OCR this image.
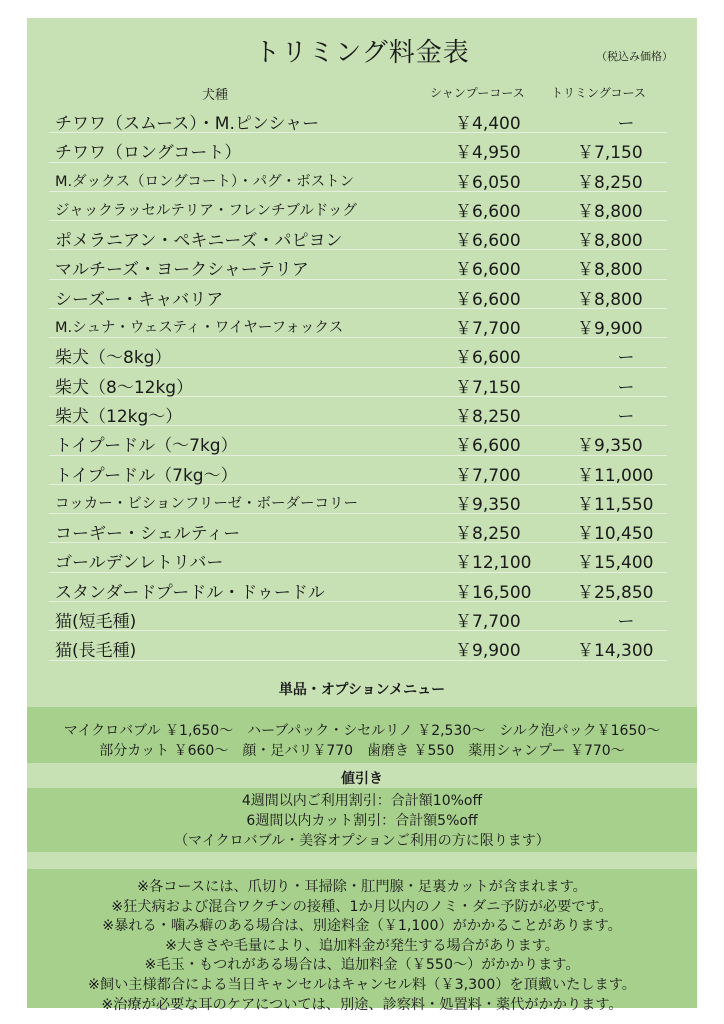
トリミング料金表	（税込み価格）
犬種	シャンプーコース トリミングコース
チワワ（スムース）・M.ピンシャー	￥4,400	ー
チワワ（ロングコート）	￥4,950	￥7,150
M.ダックス（ロングコート）・パグ・ボストン	￥6,050	￥8,250
ジャックラッセルテリア・フレンチブルドッグ	￥6,600	￥8,800
ポメラニアン・ペキニーズ・パピヨン	￥6,600	￥8,800
マルチーズ・ヨークシャーテリア	￥6,600	￥8,800
シーズー・キャバリア	￥6,600	￥8,800
M.シュナ・ウェスティ・ワイヤーフォックス	￥7,700	￥9,900
柴犬（～8kg）	￥6,600	ー
柴犬（8～12kg）	￥7,150	ー
柴犬（12kg～）	￥8,250	ー
トイプードル（～7kg）	￥6,600	￥9,350
トイプードル（7kg～）	￥7,700	￥11,000
コッカー・ビションフリーゼ・ボーダーコリー	￥9,350	￥11,550
コーギー・シェルティー	￥8,250	￥10,450
ゴールデンレトリバー	￥12,100	￥15,400
スタンダードプードル・ドゥードル	￥16,500	￥25,850
猫(短毛種)	￥7,700	ー
猫(長毛種)	￥9,900	￥14,300
単品・オプションメニュー
マイクロバブル ￥1,650～　ハーブパック・シセルリノ ￥2,530～　シルク泡パック￥1650～
部分カット ￥660～　顔・足バリ￥770　歯磨き ￥550　薬用シャンプー ￥770～
値引き
4週間以内ご利用割引：合計額10%off
6週間以内カット割引：合計額5%off
（マイクロバブル・美容オプションご利用の方に限ります）
※各コースには、爪切り・耳掃除・肛門腺・足裏カットが含まれます。
※狂犬病および混合ワクチンの接種、1か月以内のノミ・ダニ予防が必要です。
※暴れる・噛み癖のある場合は、別途料金（￥1,100）がかかることがあります。
※大きさや毛量により、追加料金が発生する場合があります。
※毛玉・もつれがある場合は、追加料金（￥550～）がかかります。
※飼い主様都合による当日キャンセルはキャンセル料（￥3,300）を頂戴いたします。
※治療が必要な耳のケアについては、別途、診察料・処置料・薬代がかかります。
